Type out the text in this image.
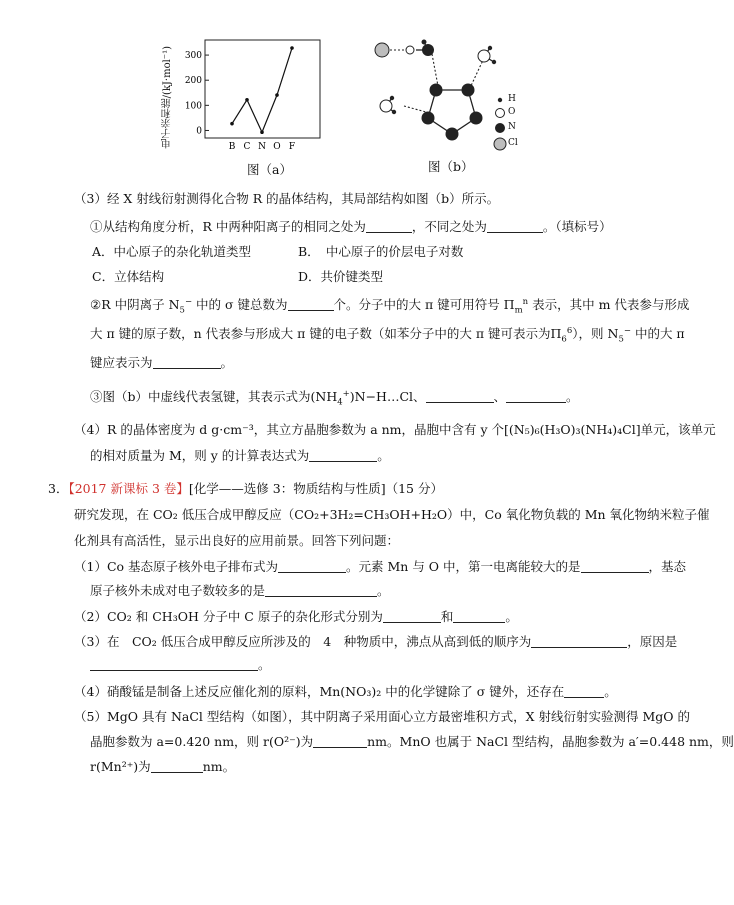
0
100
200
300
B C N O F
电子亲和能/(kJ·mol⁻¹)
图（a）
H
O
N
Cl
图（b）
（3）经 X 射线衍射测得化合物 R 的晶体结构，其局部结构如图（b）所示。
①从结构角度分析，R 中两种阳离子的相同之处为	，不同之处为	。（填标号）
A．中心原子的杂化轨道类型	B．　中心原子的价层电子对数
C．立体结构	D．共价键类型
②R 中阴离子 $N_5^-$ 中的 σ 键总数为	个。分子中的大 π 键可用符号 $\Pi_m^n$ 表示，其中 m 代表参与形成
大 π 键的原子数，n 代表参与形成大 π 键的电子数（如苯分子中的大 π 键可表示为$\Pi_6^6$），则 $N_5^-$ 中的大 π
键应表示为	。
③图（b）中虚线代表氢键，其表示式为$(NH_4^+)N-H\dots Cl$、	、	。
（4）R 的晶体密度为 d g·cm⁻³，其立方晶胞参数为 a nm，晶胞中含有 y 个[(N₅)₆(H₃O)₃(NH₄)₄Cl]单元，该单元
的相对质量为 M，则 y 的计算表达式为	。
3．【2017 新课标 3 卷】[化学——选修 3：物质结构与性质]（15 分）
研究发现，在 CO₂ 低压合成甲醇反应（CO₂+3H₂=CH₃OH+H₂O）中，Co 氧化物负载的 Mn 氧化物纳米粒子催
化剂具有高活性，显示出良好的应用前景。回答下列问题：
（1）Co 基态原子核外电子排布式为	。元素 Mn 与 O 中，第一电离能较大的是	，基态
原子核外未成对电子数较多的是	。
（2）CO₂ 和 CH₃OH 分子中 C 原子的杂化形式分别为	和	。
（3）在　CO₂ 低压合成甲醇反应所涉及的　4　种物质中，沸点从高到低的顺序为	，原因是
。
（4）硝酸锰是制备上述反应催化剂的原料，Mn(NO₃)₂ 中的化学键除了 σ 键外，还存在	。
（5）MgO 具有 NaCl 型结构（如图），其中阴离子采用面心立方最密堆积方式，X 射线衍射实验测得 MgO 的
晶胞参数为 a=0.420 nm，则 r(O²⁻)为	nm。MnO 也属于 NaCl 型结构，晶胞参数为 a′=0.448 nm，则
r(Mn²⁺)为	nm。
